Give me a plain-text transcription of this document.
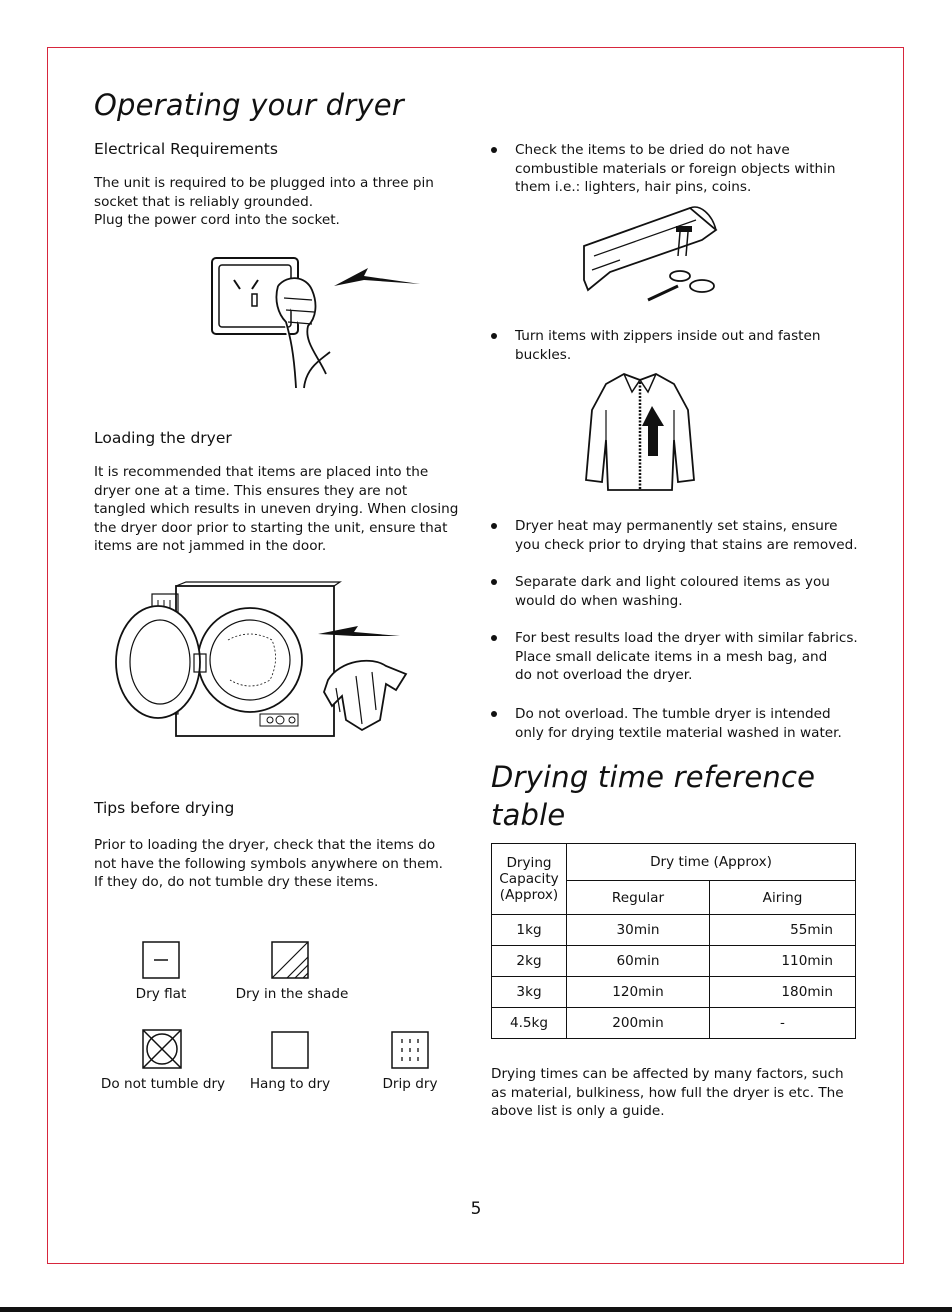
Operating your dryer
Electrical Requirements

The unit is required to be plugged into a three pin
socket that is reliably grounded.
Plug the power cord into the socket.

Loading the dryer

It is recommended that items are placed into the
dryer one at a time. This ensures they are not
tangled which results in uneven drying. When closing
the dryer door prior to starting the unit, ensure that
items are not jammed in the door.

Tips before drying

Prior to loading the dryer, check that the items do
not have the following symbols anywhere on them.
If they do, do not tumble dry these items.

Dry flat	Dry in the shade
Do not tumble dry	Hang to dry	Drip dry
Check the items to be dried do not have
combustible materials or foreign objects within
them i.e.: lighters, hair pins, coins.
Turn items with zippers inside out and fasten
buckles.
Dryer heat may permanently set stains, ensure
you check prior to drying that stains are removed.
Separate dark and light coloured items as you
would do when washing.
For best results load the dryer with similar fabrics.
Place small delicate items in a mesh bag, and
do not overload the dryer.
Do not overload. The tumble dryer is intended
only for drying textile material washed in water.
Drying time reference
table
Drying
Capacity
(Approx)	Dry time (Approx)	
	Regular	Airing
1kg	30min	55min
2kg	60min	110min
3kg	120min	180min
4.5kg	200min	-

Drying times can be affected by many factors, such
as material, bulkiness, how full the dryer is etc. The
above list is only a guide.

5
